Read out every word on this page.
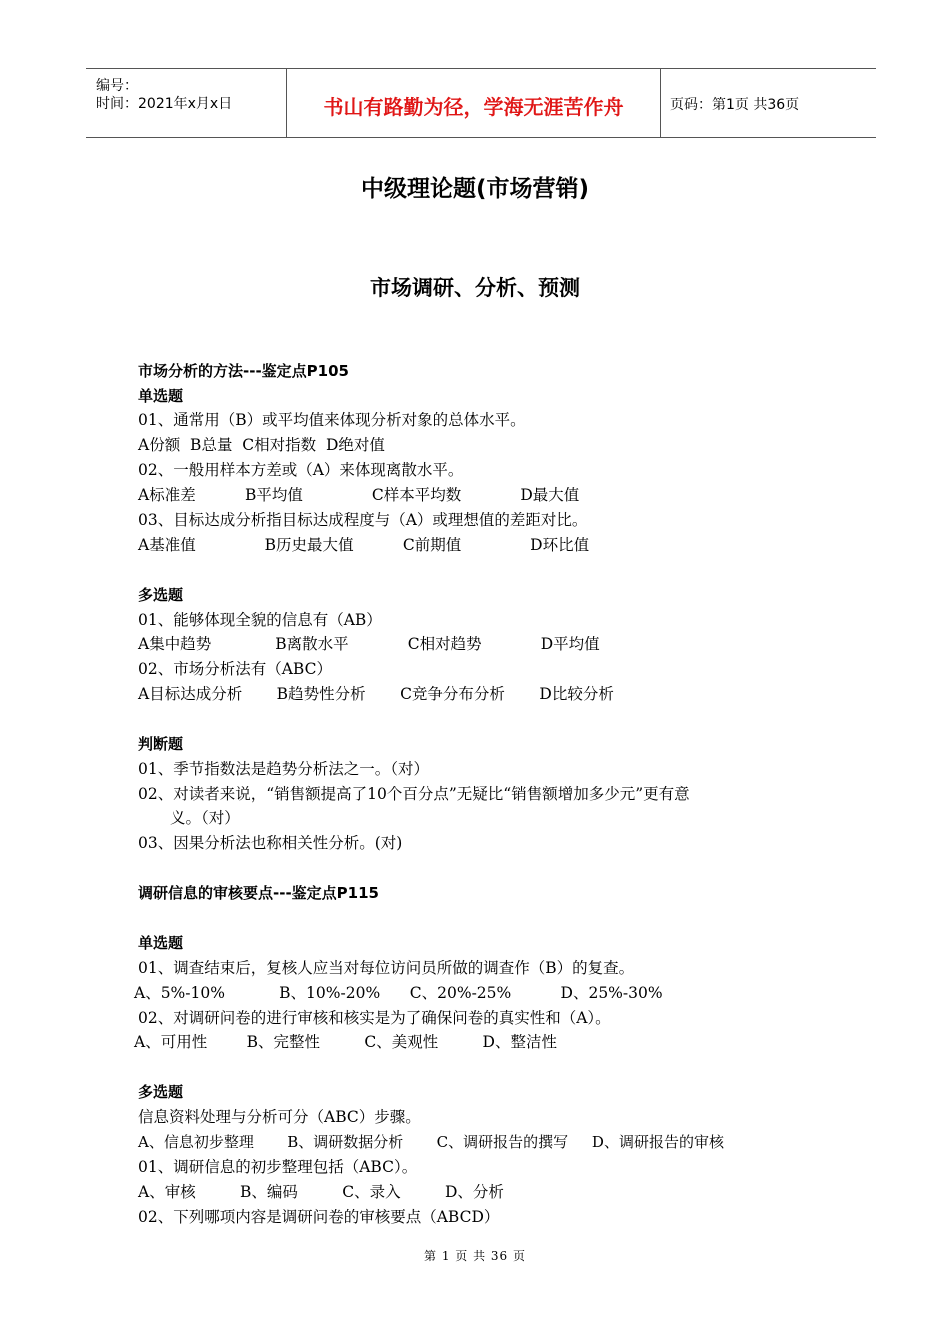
编号：
时间：2021年x月x日	书山有路勤为径，学海无涯苦作舟	页码：第1页 共36页
中级理论题(市场营销)
市场调研、分析、预测
市场分析的方法---鉴定点P105
单选题
01、通常用（B）或平均值来体现分析对象的总体水平。
A份额  B总量  C相对指数  D绝对值
02、一般用样本方差或（A）来体现离散水平。
A标准差          B平均值              C样本平均数            D最大值
03、目标达成分析指目标达成程度与（A）或理想值的差距对比。
A基准值              B历史最大值          C前期值              D环比值
多选题
01、能够体现全貌的信息有（AB）
A集中趋势             B离散水平            C相对趋势            D平均值
02、市场分析法有（ABC）
A目标达成分析       B趋势性分析       C竞争分布分析       D比较分析
判断题
01、季节指数法是趋势分析法之一。（对）
02、对读者来说，“销售额提高了10个百分点”无疑比“销售额增加多少元”更有意
义。（对）
03、因果分析法也称相关性分析。(对)
调研信息的审核要点---鉴定点P115
单选题
01、调查结束后，复核人应当对每位访问员所做的调查作（B）的复查。
A、5%-10%           B、10%-20%      C、20%-25%          D、25%-30%
02、对调研问卷的进行审核和核实是为了确保问卷的真实性和（A）。
A、可用性        B、完整性         C、美观性         D、整洁性
多选题
信息资料处理与分析可分（ABC）步骤。
A、信息初步整理       B、调研数据分析       C、调研报告的撰写     D、调研报告的审核
01、调研信息的初步整理包括（ABC）。
A、审核         B、编码         C、录入         D、分析
02、下列哪项内容是调研问卷的审核要点（ABCD）
第 1 页 共 36 页
